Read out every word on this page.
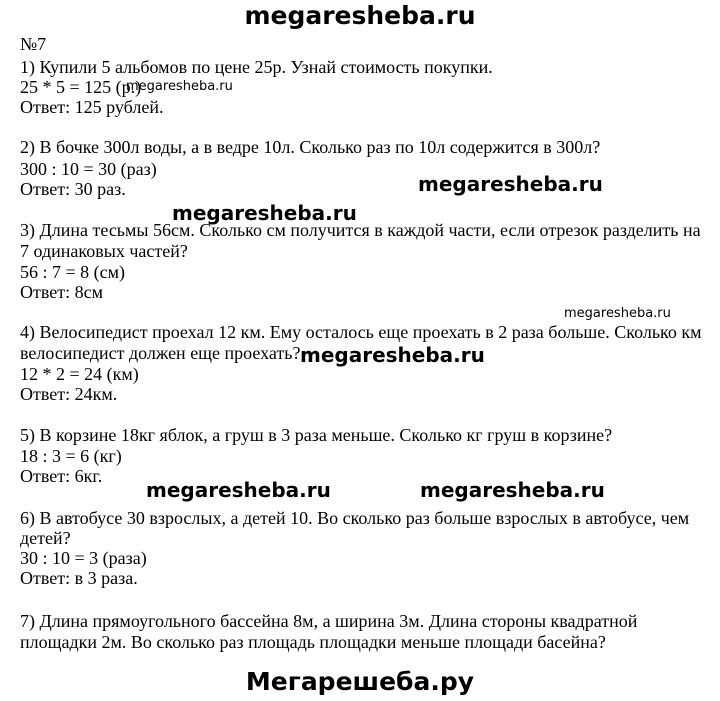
megaresheba.ru
№7
1) Купили 5 альбомов по цене 25р. Узнай стоимость покупки.
25 * 5 = 125 (р.)
Ответ: 125 рублей.
2) В бочке 300л воды, а в ведре 10л. Сколько раз по 10л содержится в 300л?
300 : 10 = 30 (раз)
Ответ: 30 раз.
3) Длина тесьмы 56см. Сколько см получится в каждой части, если отрезок разделить на
7 одинаковых частей?
56 : 7 = 8 (см)
Ответ: 8см
4) Велосипедист проехал 12 км. Ему осталось еще проехать в 2 раза больше. Сколько км
велосипедист должен еще проехать?
12 * 2 = 24 (км)
Ответ: 24км.
5) В корзине 18кг яблок, а груш в 3 раза меньше. Сколько кг груш в корзине?
18 : 3 = 6 (кг)
Ответ: 6кг.
6) В автобусе 30 взрослых, а детей 10. Во сколько раз больше взрослых в автобусе, чем
детей?
30 : 10 = 3 (раза)
Ответ: в 3 раза.
7) Длина прямоугольного бассейна 8м, а ширина 3м. Длина стороны квадратной
площадки 2м. Во сколько раз площадь площадки меньше площади басейна?
megaresheba.ru
megaresheba.ru
megaresheba.ru
megaresheba.ru
megaresheba.ru
megaresheba.ru	megaresheba.ru
Мегарешеба.ру
